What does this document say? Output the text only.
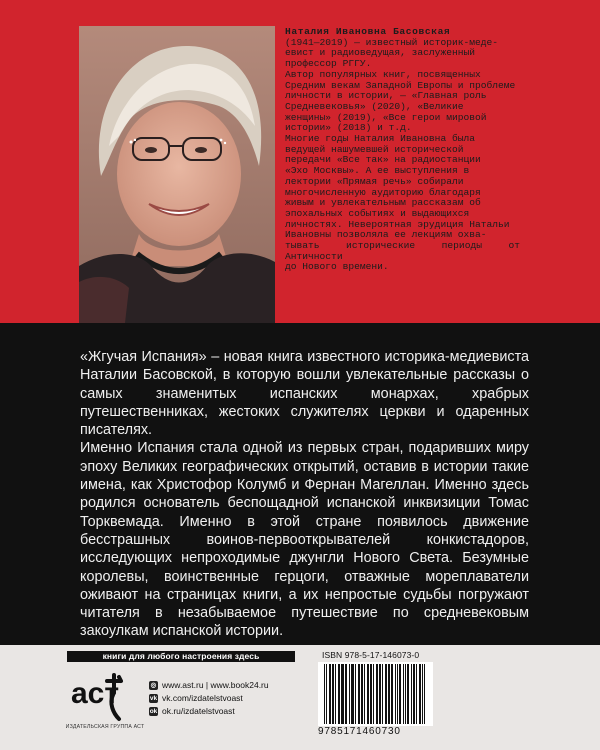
Наталия Ивановна Басовская

(1941—2019) — известный историк-меде-
евист и радиоведущая, заслуженный
профессор РГГУ.
Автор популярных книг, посвященных
Средним векам Западной Европы и проблеме
личности в истории, — «Главная роль
Средневековья» (2020), «Великие
женщины» (2019), «Все герои мировой
истории» (2018) и т.д.
Многие годы Наталия Ивановна была
ведущей нашумевшей исторической
передачи «Все так» на радиостанции
«Эхо Москвы». А ее выступления в
лектории «Прямая речь» собирали
многочисленную аудиторию благодаря
живым и увлекательным рассказам об
эпохальных событиях и выдающихся
личностях. Невероятная эрудиция Натальи
Ивановны позволяла ее лекциям охва-
тывать исторические периоды от Античности
до Нового времени.

«Жгучая Испания» – новая книга известного историка-медиевиста Наталии Басовской, в которую вошли увлекательные рассказы о самых знаменитых испанских монархах, храбрых путешественниках, жестоких служителях церкви и одаренных писателях.

Именно Испания стала одной из первых стран, подаривших миру эпоху Великих географических открытий, оставив в истории такие имена, как Христофор Колумб и Фернан Магеллан. Именно здесь родился основатель беспощадной испанской инквизиции Томас Торквемада. Именно в этой стране появилось движение бесстрашных воинов-первооткрывателей конкистадоров, исследующих непроходимые джунгли Нового Света. Безумные королевы, воинственные герцоги, отважные мореплаватели оживают на страницах книги, а их непростые судьбы погружают читателя в незабываемое путешествие по средневековым закоулкам испанской истории.

книги для любого настроения здесь
аст
ИЗДАТЕЛЬСКАЯ ГРУППА АСТ
◎ www.ast.ru | www.book24.ru
vk vk.com/izdatelstvoast
ok ok.ru/izdatelstvoast
ISBN 978-5-17-146073-0
9785171460730
